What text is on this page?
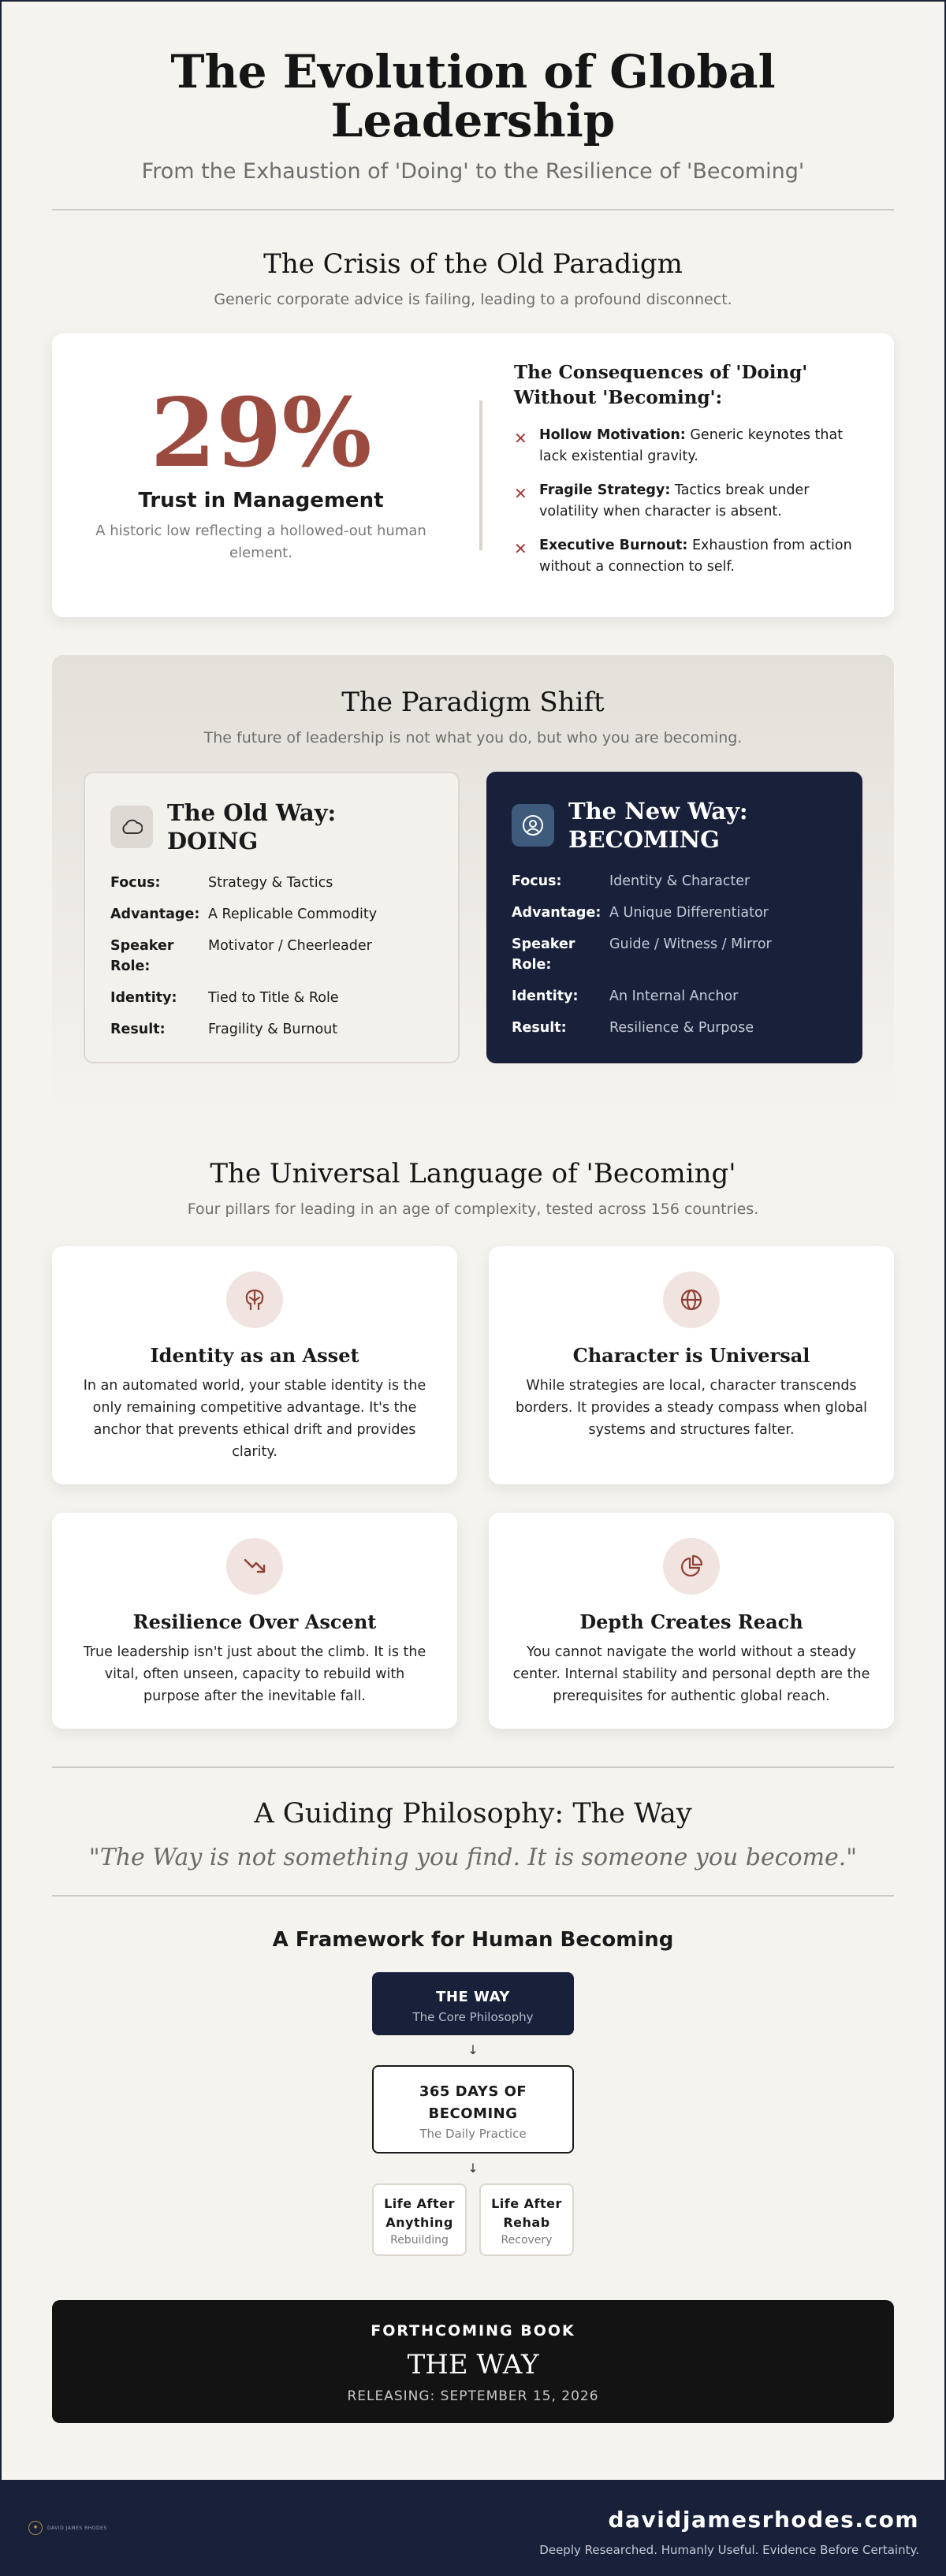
The Evolution of Global Leadership
From the Exhaustion of 'Doing' to the Resilience of 'Becoming'
The Crisis of the Old Paradigm
Generic corporate advice is failing, leading to a profound disconnect.
29%
Trust in Management
A historic low reflecting a hollowed-out human element.
The Consequences of 'Doing' Without 'Becoming':
✕ Hollow Motivation: Generic keynotes that lack existential gravity.
✕ Fragile Strategy: Tactics break under volatility when character is absent.
✕ Executive Burnout: Exhaustion from action without a connection to self.
The Paradigm Shift
The future of leadership is not what you do, but who you are becoming.
The Old Way: DOING
Focus:	Strategy & Tactics
Advantage: A Replicable Commodity
Speaker Role:
Motivator / Cheerleader
Identity:	Tied to Title & Role
Result:	Fragility & Burnout
The New Way: BECOMING
Focus:	Identity & Character
Advantage: A Unique Differentiator
Speaker Role:
Guide / Witness / Mirror
Identity:	An Internal Anchor
Result:	Resilience & Purpose
The Universal Language of 'Becoming'
Four pillars for leading in an age of complexity, tested across 156 countries.
Identity as an Asset
In an automated world, your stable identity is the only remaining competitive advantage. It's the anchor that prevents ethical drift and provides clarity.
Character is Universal
While strategies are local, character transcends borders. It provides a steady compass when global systems and structures falter.
Resilience Over Ascent
True leadership isn't just about the climb. It is the vital, often unseen, capacity to rebuild with purpose after the inevitable fall.
Depth Creates Reach
You cannot navigate the world without a steady center. Internal stability and personal depth are the prerequisites for authentic global reach.
A Guiding Philosophy: The Way
"The Way is not something you find. It is someone you become."
A Framework for Human Becoming
THE WAY
The Core Philosophy
↓
365 DAYS OF BECOMING
The Daily Practice
↓
Life After Anything
Rebuilding
Life After Rehab
Recovery
FORTHCOMING BOOK
THE WAY
RELEASING: SEPTEMBER 15, 2026
✦	DAVID JAMES RHODES	davidjamesrhodes.com
Deeply Researched. Humanly Useful. Evidence Before Certainty.
